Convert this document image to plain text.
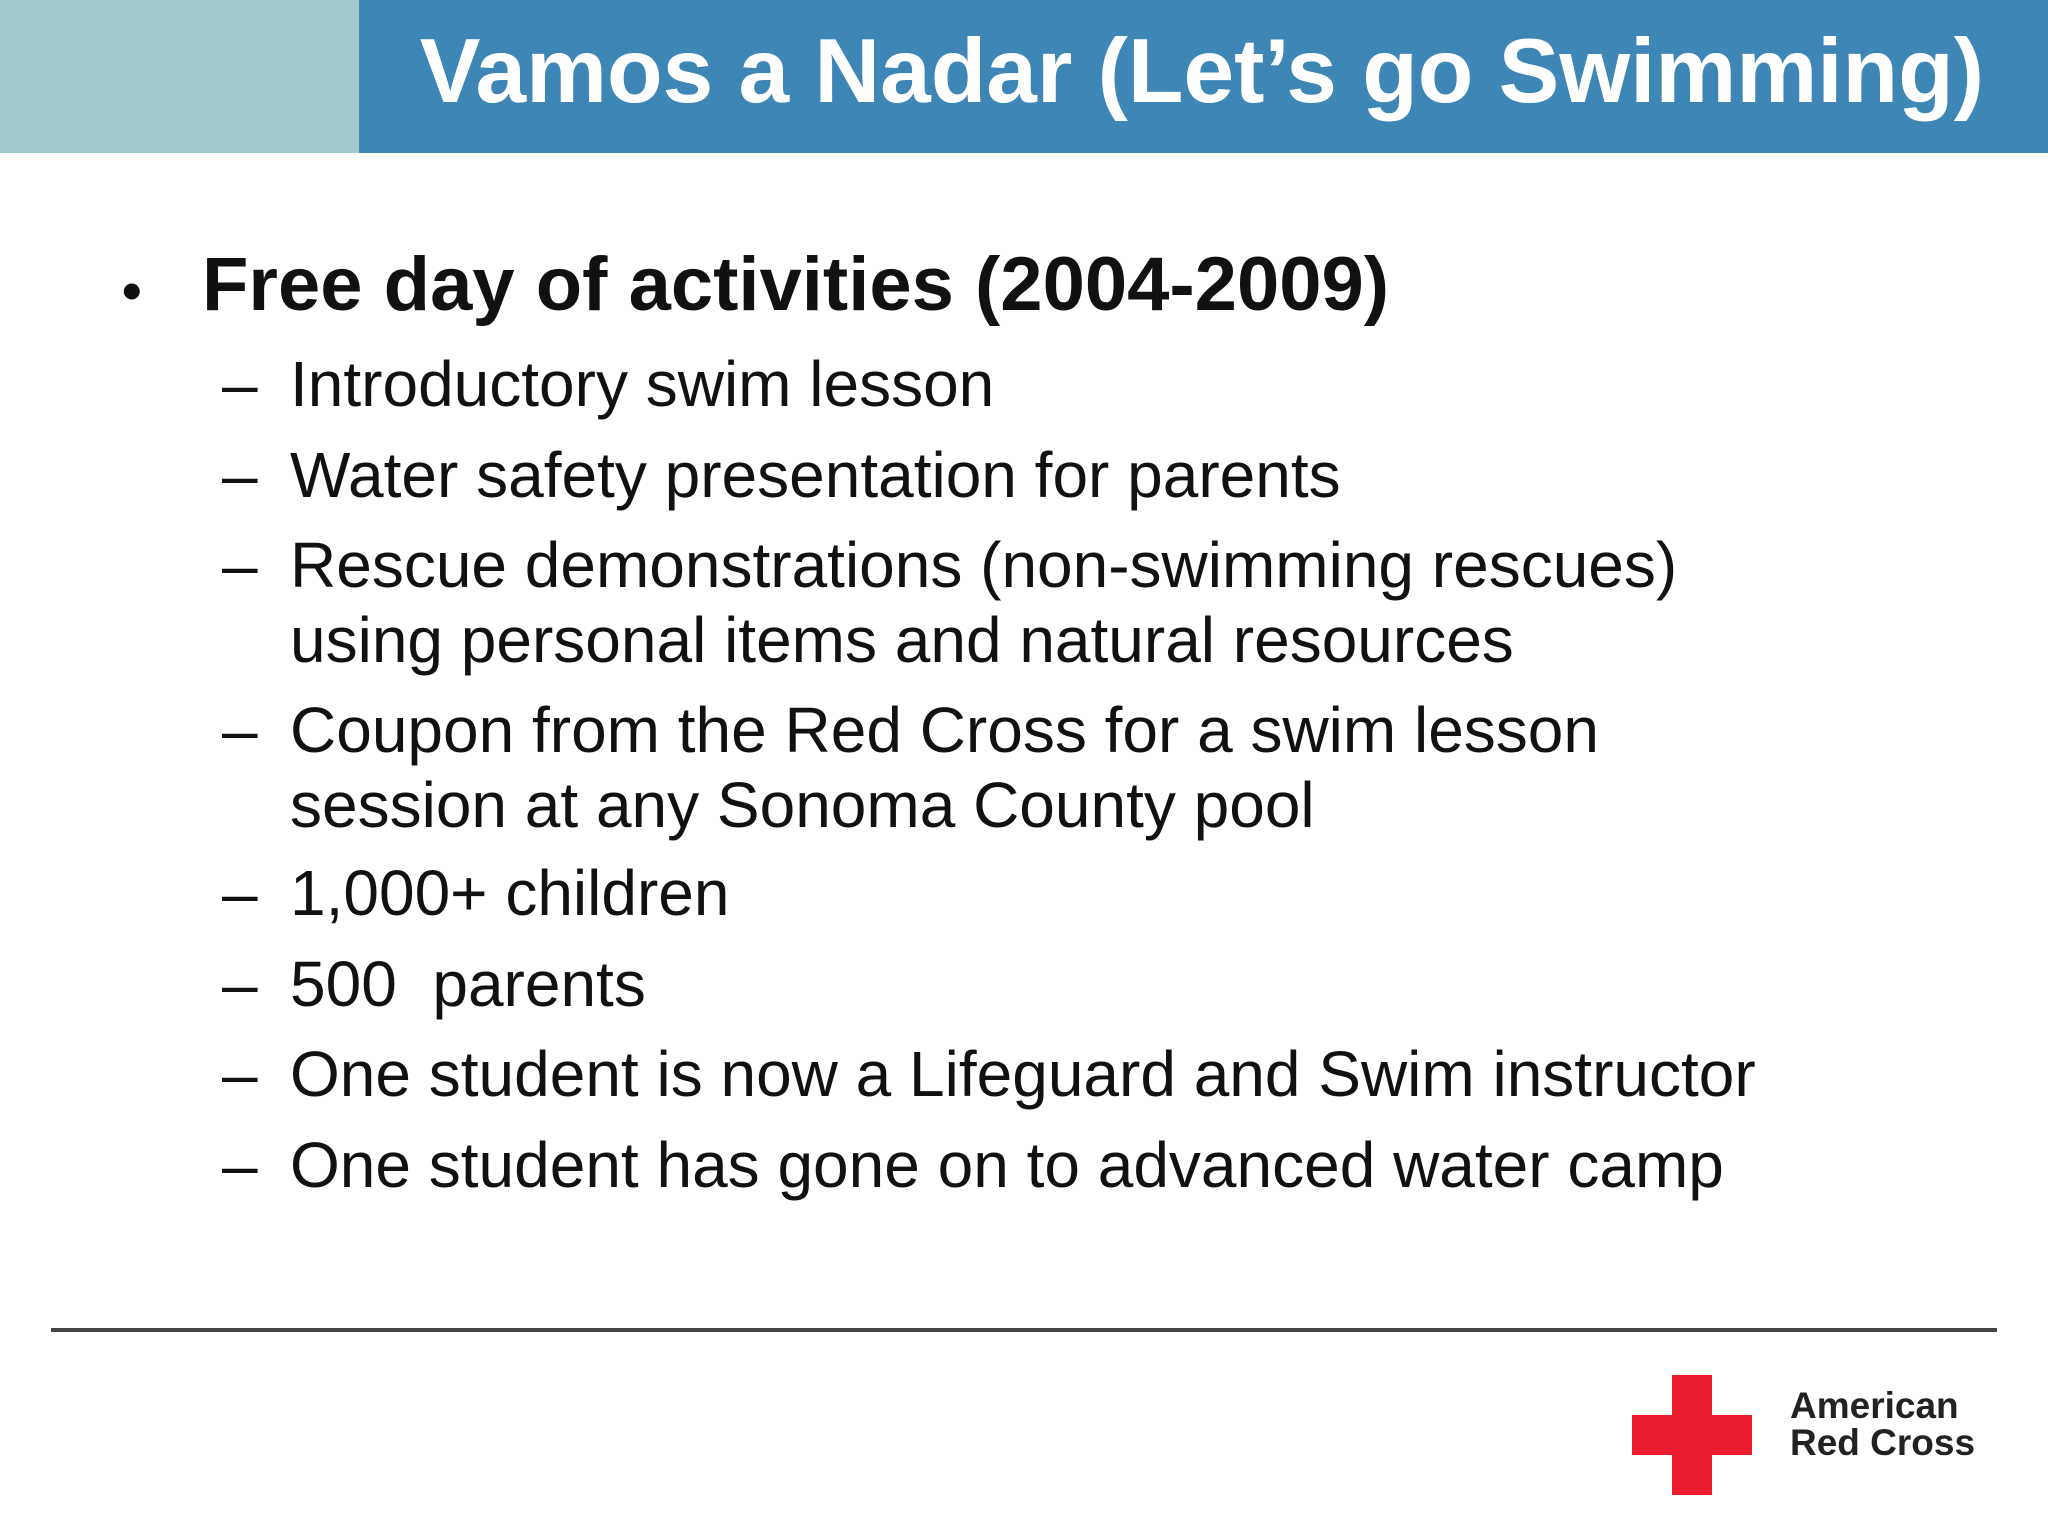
Vamos a Nadar (Let’s go Swimming)
• Free day of activities (2004-2009)
– Introductory swim lesson
– Water safety presentation for parents
– Rescue demonstrations (non-swimming rescues)
using personal items and natural resources
– Coupon from the Red Cross for a swim lesson
session at any Sonoma County pool
– 1,000+ children
– 500  parents
– One student is now a Lifeguard and Swim instructor
– One student has gone on to advanced water camp
American
Red Cross
